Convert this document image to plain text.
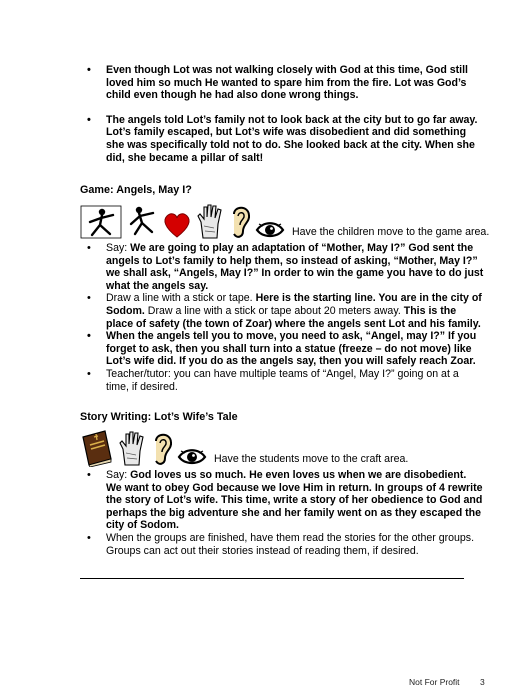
• Even though Lot was not walking closely with God at this time, God still loved him so much He wanted to spare him from the fire. Lot was God’s child even though he had also done wrong things.
• The angels told Lot’s family not to look back at the city but to go far away. Lot’s family escaped, but Lot’s wife was disobedient and did something she was specifically told not to do. She looked back at the city. When she did, she became a pillar of salt!
Game: Angels, May I?
Have the children move to the game area.
• Say: We are going to play an adaptation of “Mother, May I?” God sent the angels to Lot’s family to help them, so instead of asking, “Mother, May I?” we shall ask, “Angels, May I?” In order to win the game you have to do just what the angels say.
• Draw a line with a stick or tape. Here is the starting line. You are in the city of Sodom. Draw a line with a stick or tape about 20 meters away. This is the place of safety (the town of Zoar) where the angels sent Lot and his family.
• When the angels tell you to move, you need to ask, “Angel, may I?” If you forget to ask, then you shall turn into a statue (freeze – do not move) like Lot’s wife did. If you do as the angels say, then you will safely reach Zoar.
• Teacher/tutor: you can have multiple teams of “Angel, May I?” going on at a time, if desired.
Story Writing: Lot’s Wife’s Tale
Have the students move to the craft area.
• Say: God loves us so much. He even loves us when we are disobedient. We want to obey God because we love Him in return. In groups of 4 rewrite the story of Lot’s wife. This time, write a story of her obedience to God and perhaps the big adventure she and her family went on as they escaped the city of Sodom.
• When the groups are finished, have them read the stories for the other groups. Groups can act out their stories instead of reading them, if desired.
Not For Profit 3
